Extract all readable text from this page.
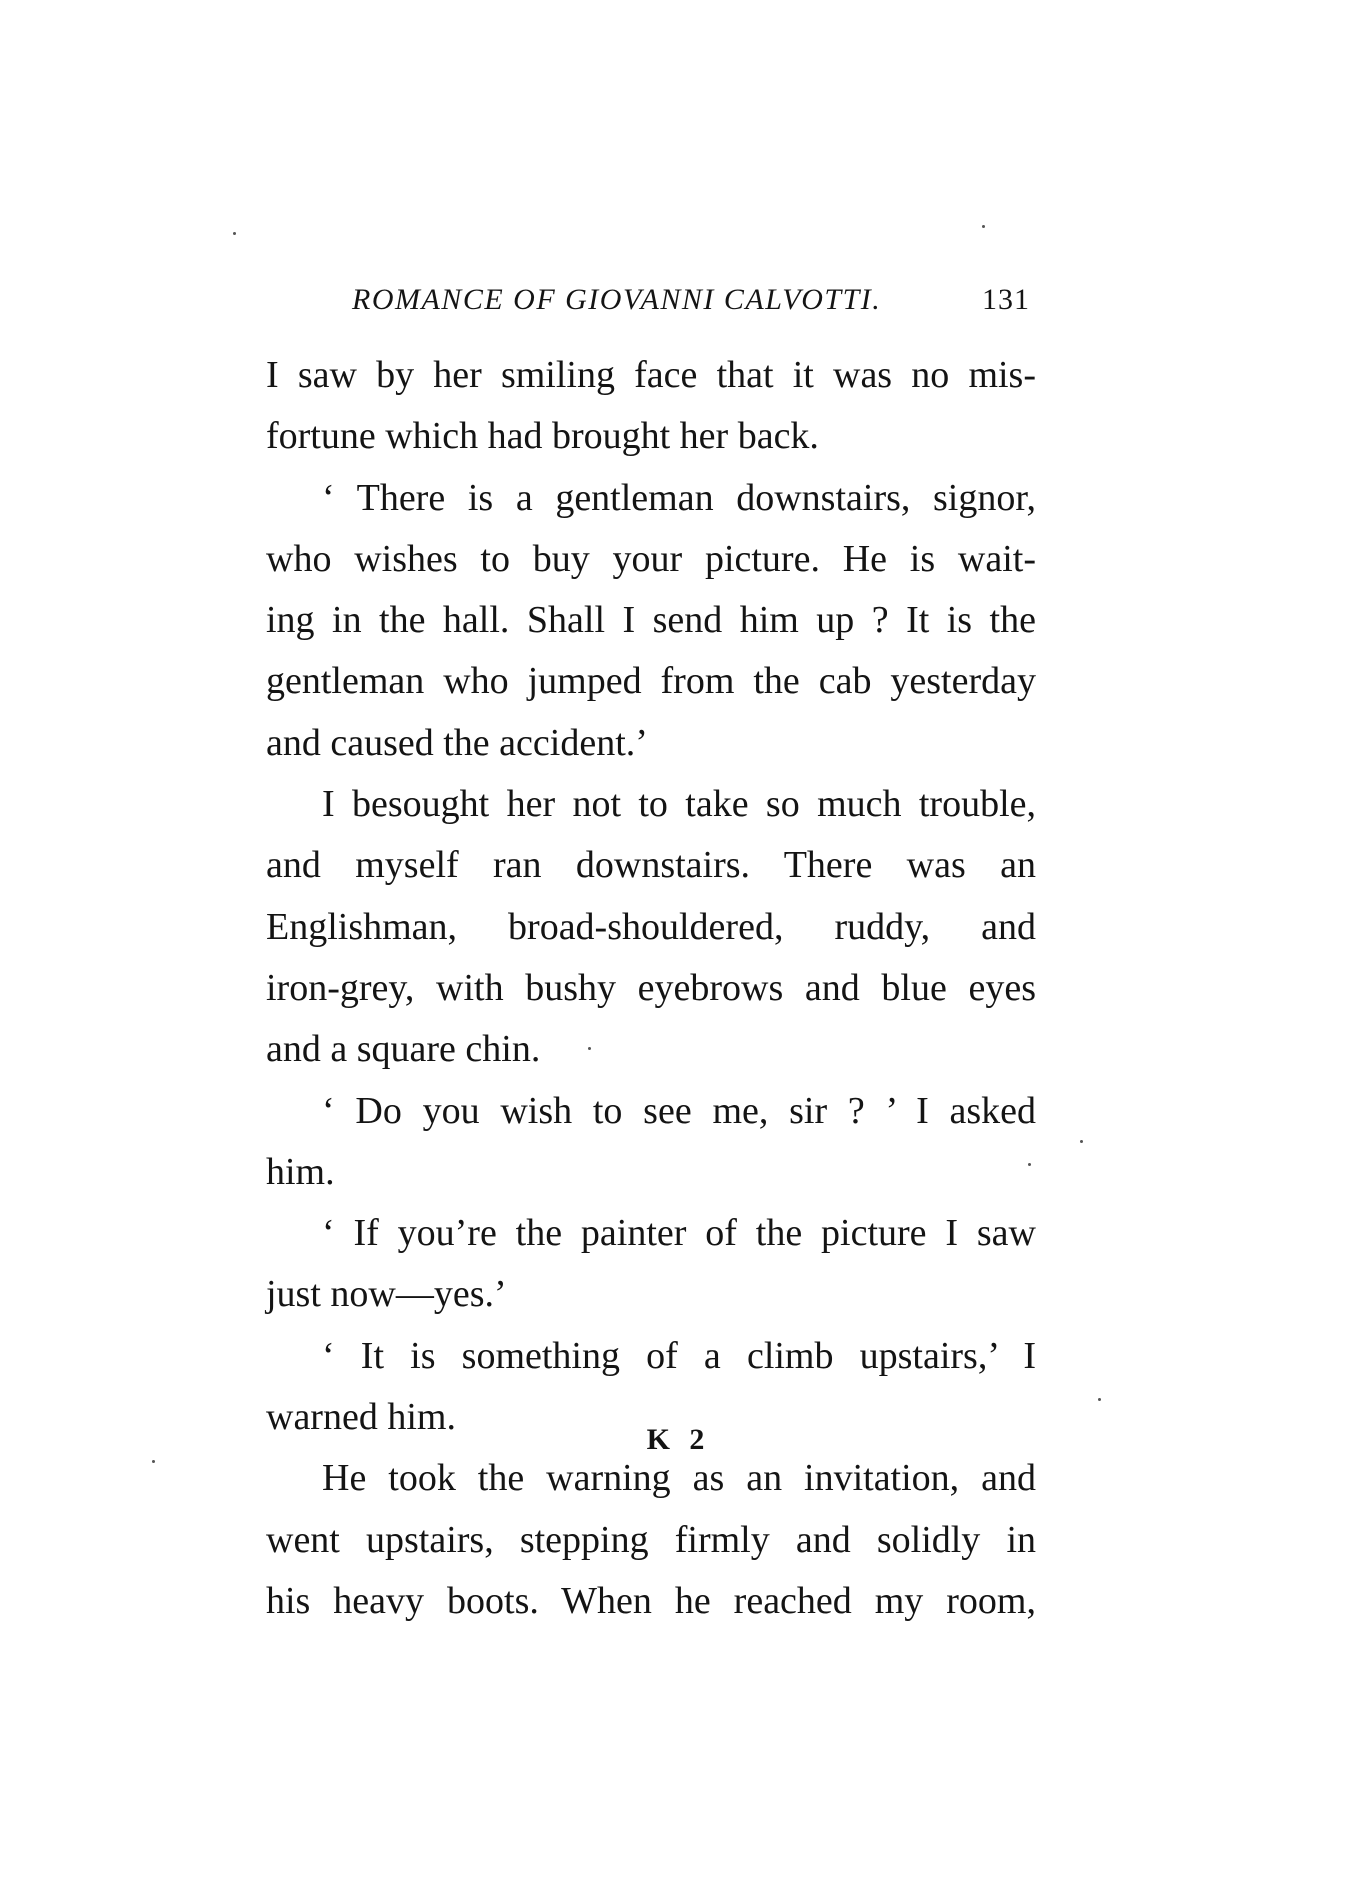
ROMANCE OF GIOVANNI CALVOTTI.	131
I saw by her smiling face that it was no mis-
fortune which had brought her back.
‘ There is a gentleman downstairs, signor,
who wishes to buy your picture. He is wait-
ing in the hall. Shall I send him up ? It is the
gentleman who jumped from the cab yesterday
and caused the accident.’
I besought her not to take so much trouble,
and myself ran downstairs. There was an
Englishman, broad-shouldered, ruddy, and
iron-grey, with bushy eyebrows and blue eyes
and a square chin.
‘ Do you wish to see me, sir ? ’ I asked
him.
‘ If you’re the painter of the picture I saw
just now—yes.’
‘ It is something of a climb upstairs,’ I
warned him.
He took the warning as an invitation, and
went upstairs, stepping firmly and solidly in
his heavy boots. When he reached my room,
K 2
